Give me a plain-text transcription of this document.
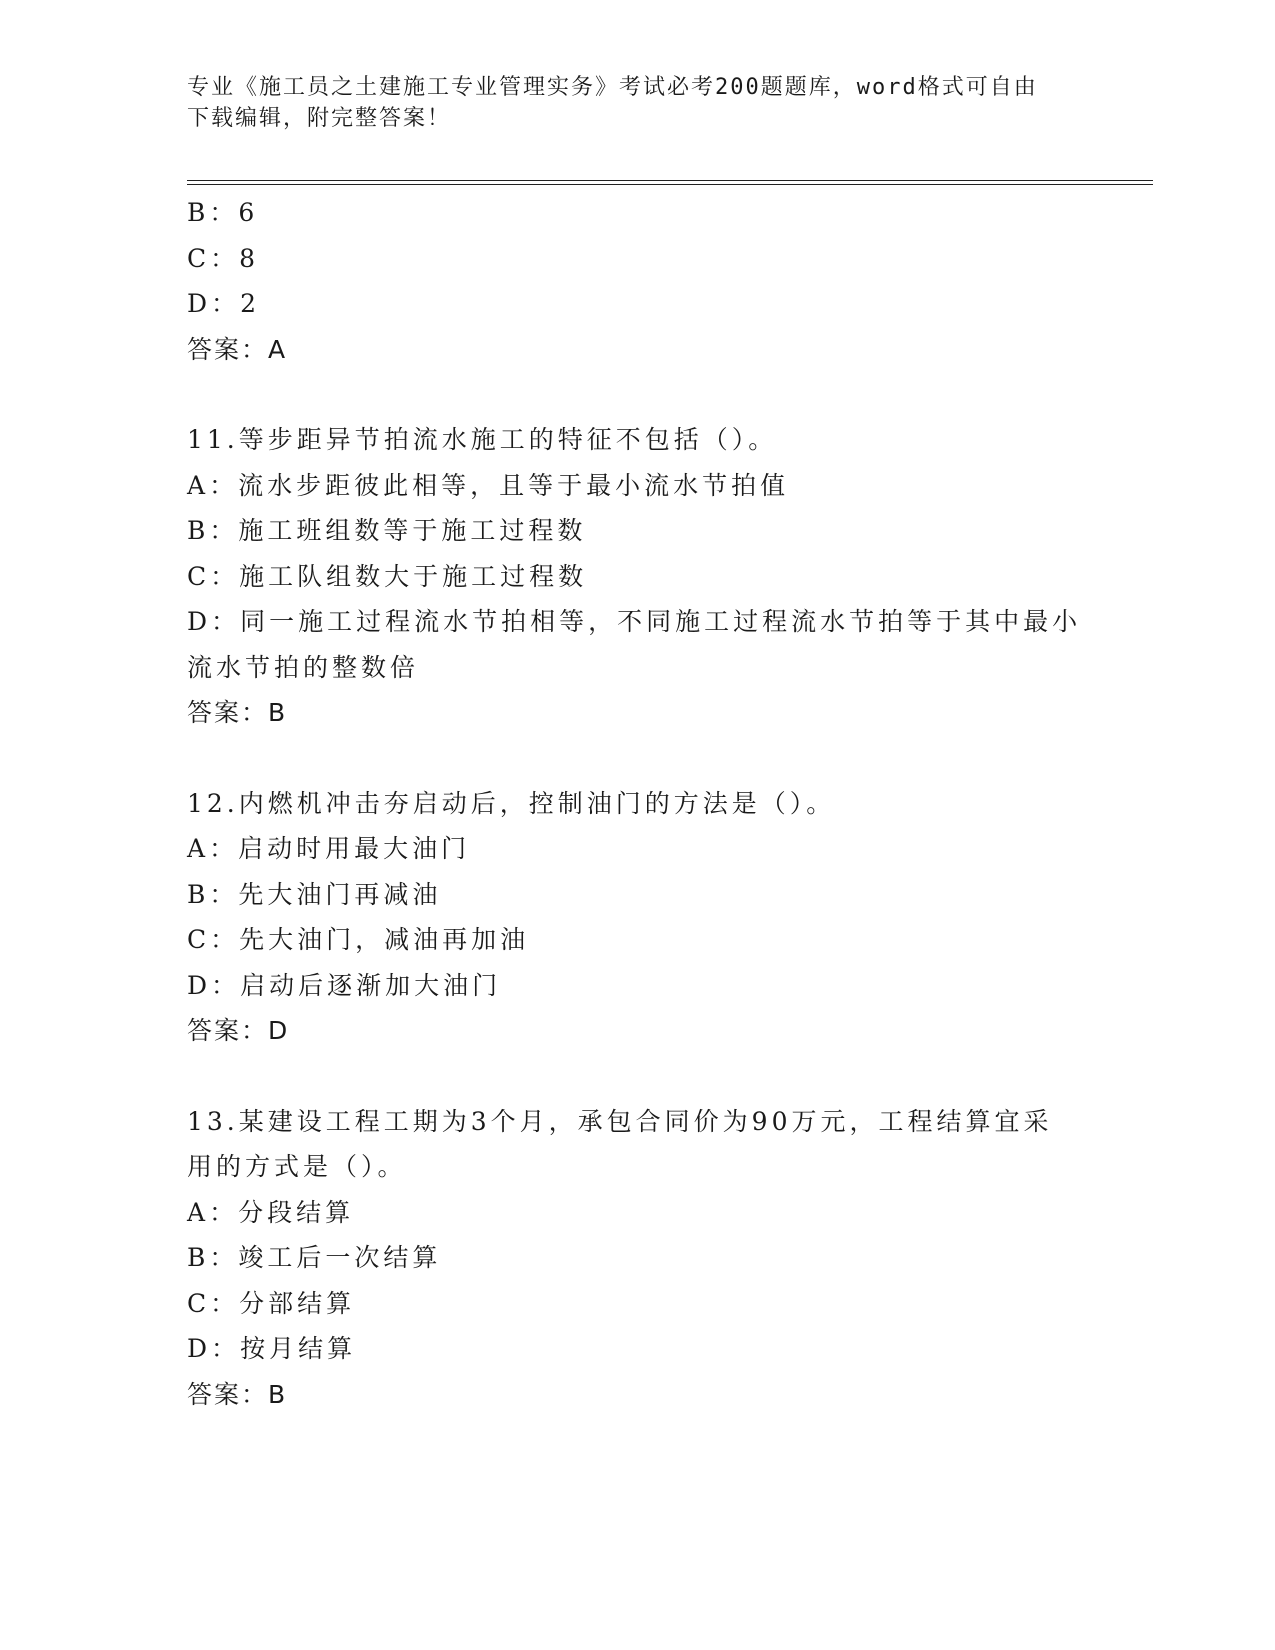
专业《施工员之土建施工专业管理实务》考试必考200题题库，word格式可自由
下载编辑，附完整答案！
B：6
C：8
D：2
答案：A
11.等步距异节拍流水施工的特征不包括（）。
A：流水步距彼此相等，且等于最小流水节拍值
B：施工班组数等于施工过程数
C：施工队组数大于施工过程数
D：同一施工过程流水节拍相等，不同施工过程流水节拍等于其中最小
流水节拍的整数倍
答案：B
12.内燃机冲击夯启动后，控制油门的方法是（）。
A：启动时用最大油门
B：先大油门再减油
C：先大油门，减油再加油
D：启动后逐渐加大油门
答案：D
13.某建设工程工期为3个月，承包合同价为90万元，工程结算宜采
用的方式是（）。
A：分段结算
B：竣工后一次结算
C：分部结算
D：按月结算
答案：B
